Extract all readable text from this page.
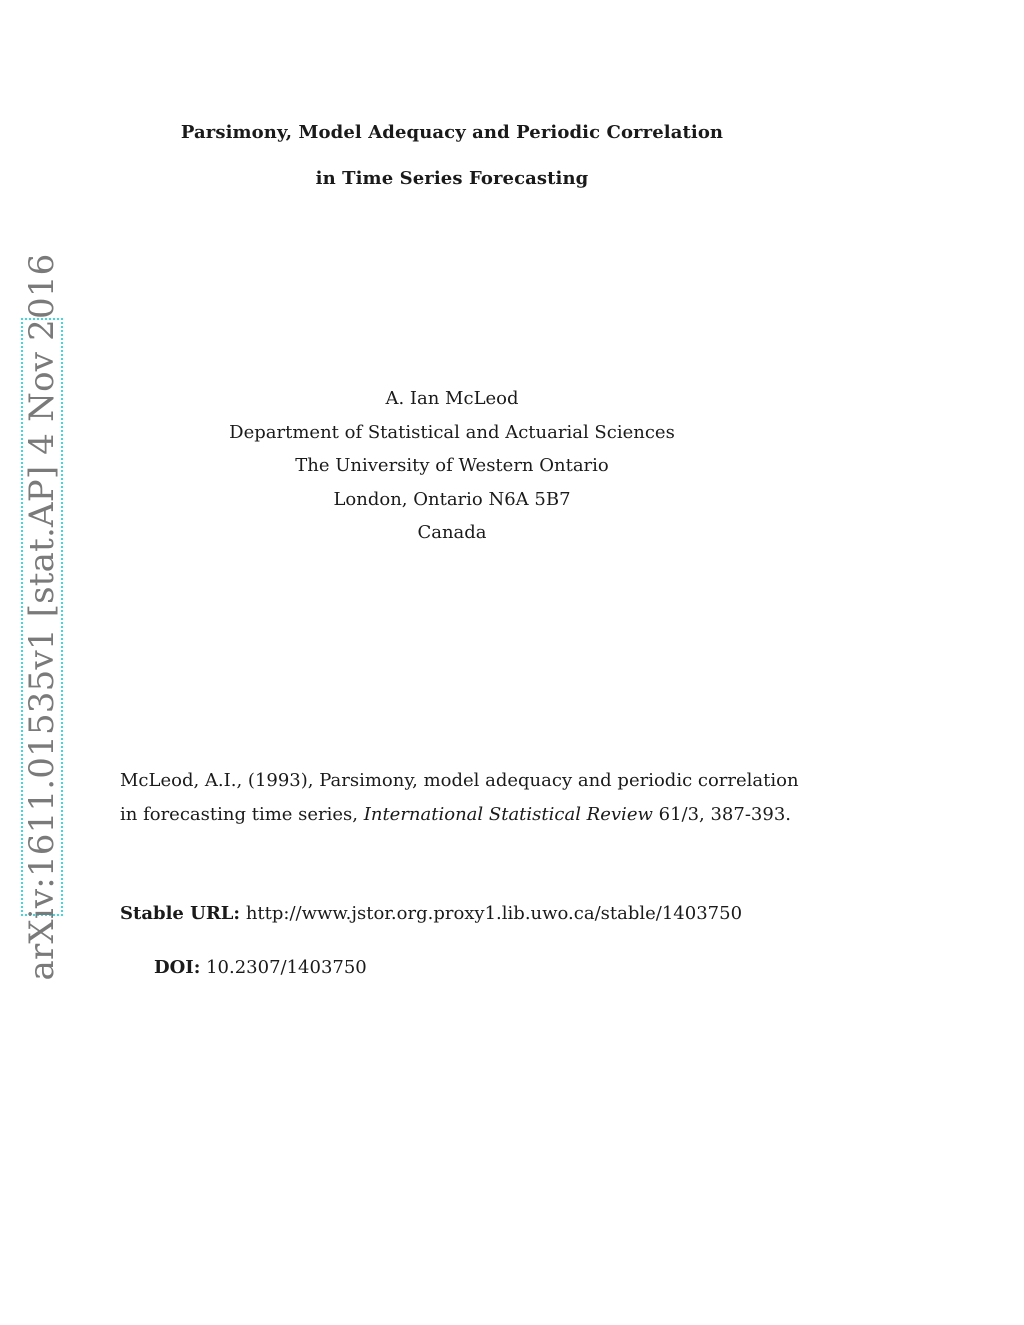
arXiv:1611.01535v1 [stat.AP] 4 Nov 2016
Parsimony, Model Adequacy and Periodic Correlation
in Time Series Forecasting
A. Ian McLeod
Department of Statistical and Actuarial Sciences
The University of Western Ontario
London, Ontario N6A 5B7
Canada
McLeod, A.I., (1993), Parsimony, model adequacy and periodic correlation
in forecasting time series, International Statistical Review 61/3, 387-393.
Stable URL: http://www.jstor.org.proxy1.lib.uwo.ca/stable/1403750
DOI: 10.2307/1403750
